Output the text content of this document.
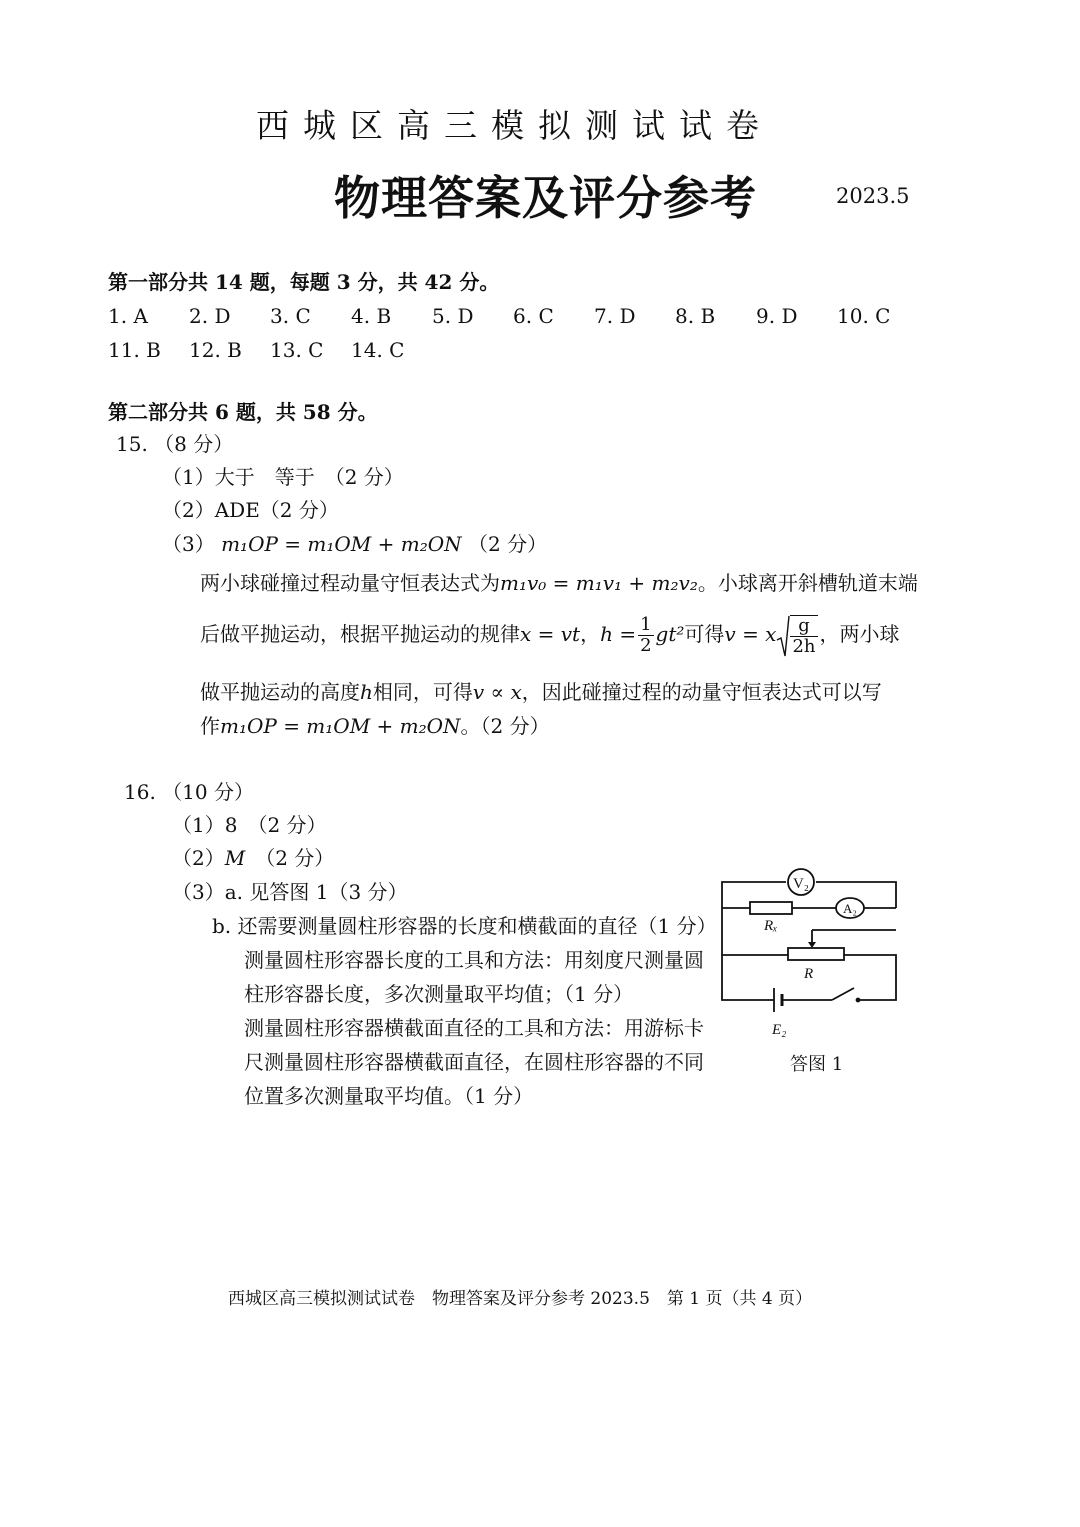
西城区高三模拟测试试卷
物理答案及评分参考	2023.5
第一部分共 14 题，每题 3 分，共 42 分。
1. A 2. D 3. C 4. B 5. D 6. C 7. D 8. B 9. D 10. C
11. B 12. B 13. C 14. C
第二部分共 6 题，共 58 分。
15. （8 分）
（1）大于　等于　（2 分）
（2）ADE（2 分）
（3） m₁OP = m₁OM + m₂ON （2 分）
两小球碰撞过程动量守恒表达式为m₁v₀ = m₁v₁ + m₂v₂。小球离开斜槽轨道末端
后做平抛运动，根据平抛运动的规律x = vt，$h = \frac{1}{2} gt^2$可得v = x $\frac{g}{2h}$ ，两小球
做平抛运动的高度h相同，可得v ∝ x，因此碰撞过程的动量守恒表达式可以写
作m₁OP = m₁OM + m₂ON。（2 分）
16. （10 分）
（1）8　（2 分）
（2）M　 （2 分）
（3）a. 见答图 1（3 分）
b. 还需要测量圆柱形容器的长度和横截面的直径（1 分）
测量圆柱形容器长度的工具和方法：用刻度尺测量圆
柱形容器长度，多次测量取平均值；（1 分）
测量圆柱形容器横截面直径的工具和方法：用游标卡
尺测量圆柱形容器横截面直径，在圆柱形容器的不同
位置多次测量取平均值。（1 分）
V₂
A₂
Rₓ
R
E₂
答图 1
西城区高三模拟测试试卷　物理答案及评分参考 2023.5　第 1 页（共 4 页）
